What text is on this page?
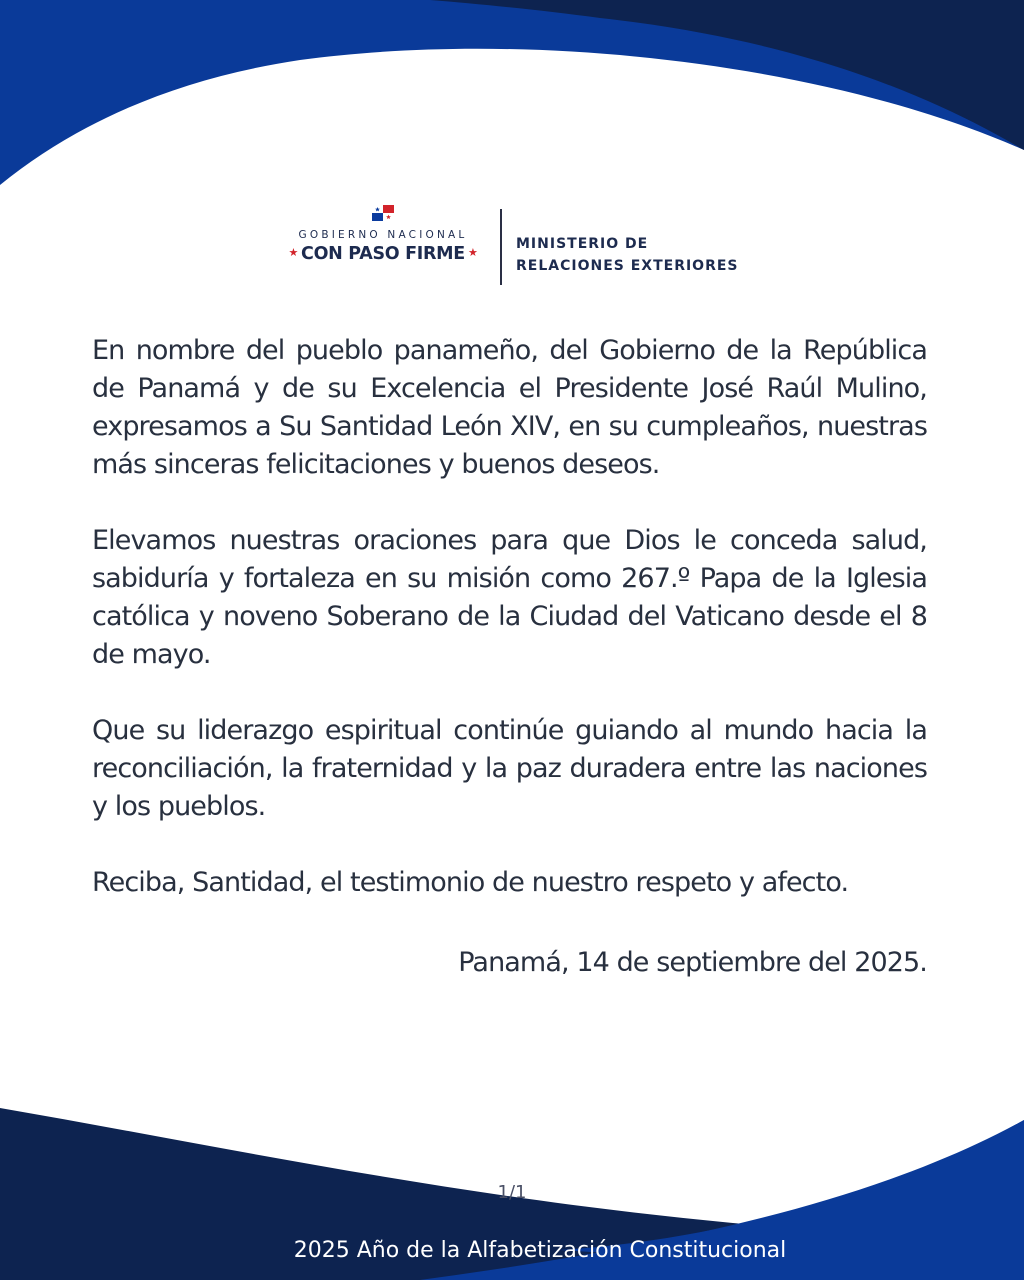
GOBIERNO NACIONAL
★ CON PASO FIRME ★
MINISTERIO DE
RELACIONES EXTERIORES

En nombre del pueblo panameño, del Gobierno de la República de Panamá y de su Excelencia el Presidente José Raúl Mulino, expresamos a Su Santidad León XIV, en su cumpleaños, nuestras más sinceras felicitaciones y buenos deseos.

Elevamos nuestras oraciones para que Dios le conceda salud, sabiduría y fortaleza en su misión como 267.º Papa de la Iglesia católica y noveno Soberano de la Ciudad del Vaticano desde el 8 de mayo.

Que su liderazgo espiritual continúe guiando al mundo hacia la reconciliación, la fraternidad y la paz duradera entre las naciones y los pueblos.

Reciba, Santidad, el testimonio de nuestro respeto y afecto.

Panamá, 14 de septiembre del 2025.

1/1
2025 Año de la Alfabetización Constitucional
